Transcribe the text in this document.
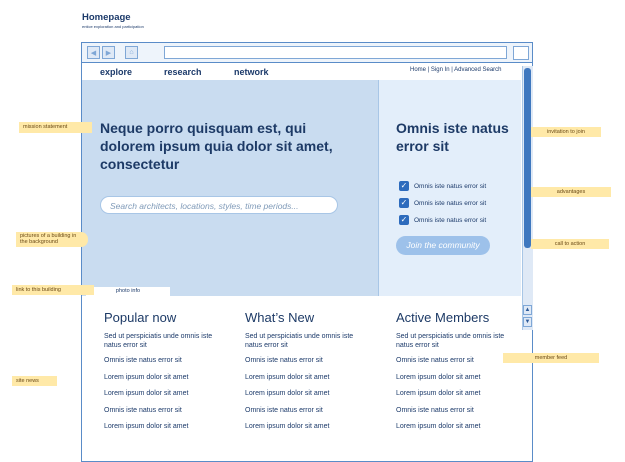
Homepage
entice exploration and participation
◀	▶	⌂
explore	research	network	Home | Sign In | Advanced Search
Neque porro quisquam est, qui dolorem ipsum quia dolor sit amet, consectetur
Search architects, locations, styles, time periods...
photo info
Omnis iste natus error sit
✓ Omnis iste natus error sit
✓ Omnis iste natus error sit
✓ Omnis iste natus error sit
Join the community
▲
▼
Popular now
Sed ut perspiciatis unde omnis iste natus error sit
Omnis iste natus error sit
Lorem ipsum dolor sit amet
Lorem ipsum dolor sit amet
Omnis iste natus error sit
Lorem ipsum dolor sit amet
What’s New
Sed ut perspiciatis unde omnis iste natus error sit
Omnis iste natus error sit
Lorem ipsum dolor sit amet
Lorem ipsum dolor sit amet
Omnis iste natus error sit
Lorem ipsum dolor sit amet
Active Members
Sed ut perspiciatis unde omnis iste natus error sit
Omnis iste natus error sit
Lorem ipsum dolor sit amet
Lorem ipsum dolor sit amet
Omnis iste natus error sit
Lorem ipsum dolor sit amet
mission statement
pictures of a building in the background
link to this building
site news
invitation to join
advantages
call to action
member feed
